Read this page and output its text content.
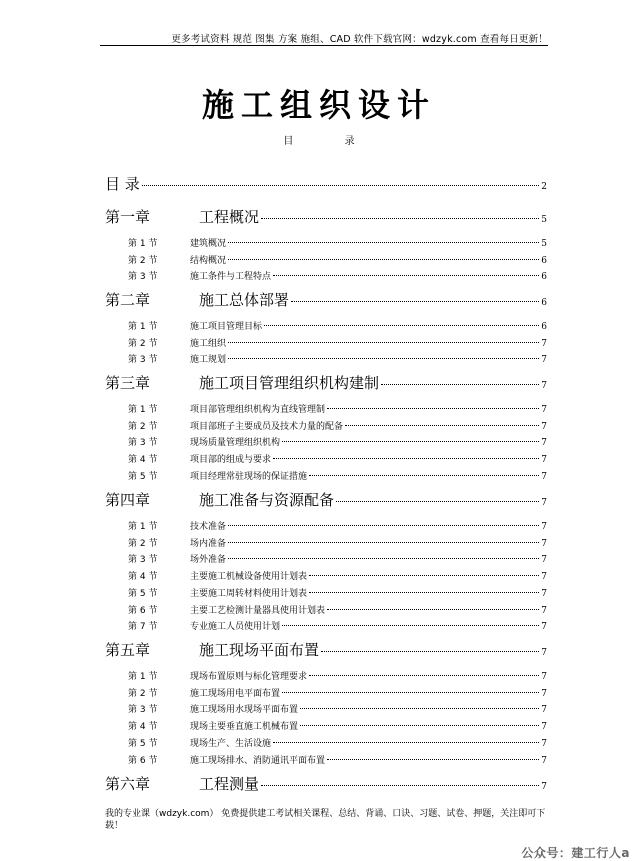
更多考试资料 规范 图集 方案 施组、CAD 软件下载官网：wdzyk.com 查看每日更新！
施工组织设计
目 录
目 录	2
第一章	工程概况	5
第 1 节	建筑概况	5
第 2 节	结构概况	6
第 3 节	施工条件与工程特点	6
第二章	施工总体部署	6
第 1 节	施工项目管理目标	6
第 2 节	施工组织	7
第 3 节	施工规划	7
第三章	施工项目管理组织机构建制	7
第 1 节	项目部管理组织机构为直线管理制	7
第 2 节	项目部班子主要成员及技术力量的配备	7
第 3 节	现场质量管理组织机构	7
第 4 节	项目部的组成与要求	7
第 5 节	项目经理常驻现场的保证措施	7
第四章	施工准备与资源配备	7
第 1 节	技术准备	7
第 2 节	场内准备	7
第 3 节	场外准备	7
第 4 节	主要施工机械设备使用计划表	7
第 5 节	主要施工周转材料使用计划表	7
第 6 节	主要工艺检测计量器具使用计划表	7
第 7 节	专业施工人员使用计划	7
第五章	施工现场平面布置	7
第 1 节	现场布置原则与标化管理要求	7
第 2 节	施工现场用电平面布置	7
第 3 节	施工现场用水现场平面布置	7
第 4 节	现场主要垂直施工机械布置	7
第 5 节	现场生产、生活设施	7
第 6 节	施工现场排水、消防通讯平面布置	7
第六章	工程测量	7
我的专业课（wdzyk.com） 免费提供建工考试相关课程、总结、背诵、口诀、习题、试卷、押题，关注即可下载！
公众号：建工行人a
